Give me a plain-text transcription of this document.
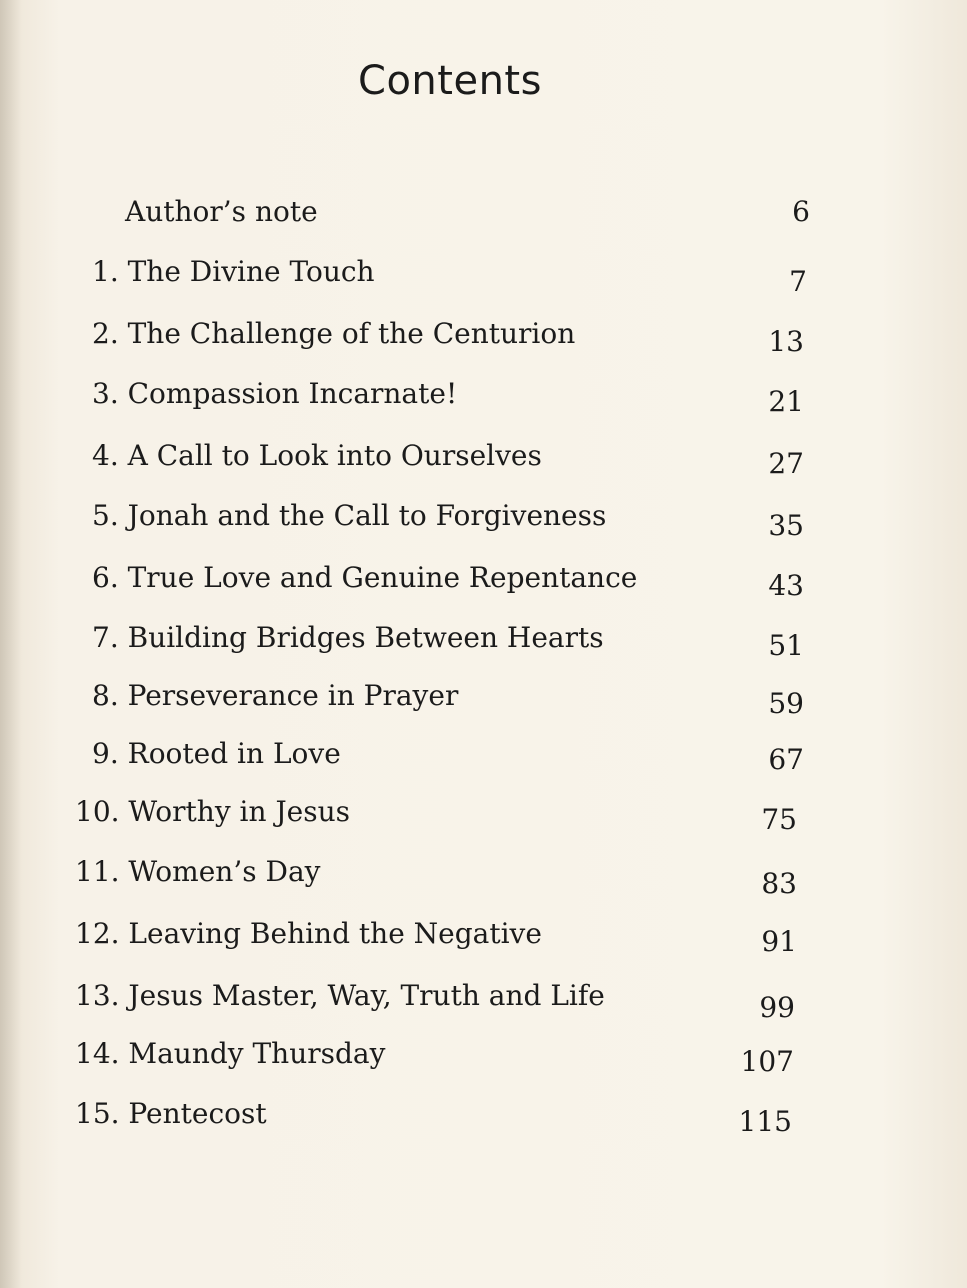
Contents
Author’s note	6
1. The Divine Touch	7
2. The Challenge of the Centurion	13
3. Compassion Incarnate!	21
4. A Call to Look into Ourselves	27
5. Jonah and the Call to Forgiveness	35
6. True Love and Genuine Repentance	43
7. Building Bridges Between Hearts	51
8. Perseverance in Prayer	59
9. Rooted in Love	67
10. Worthy in Jesus	75
11. Women’s Day	83
12. Leaving Behind the Negative	91
13. Jesus Master, Way, Truth and Life	99
14. Maundy Thursday	107
15. Pentecost	115
